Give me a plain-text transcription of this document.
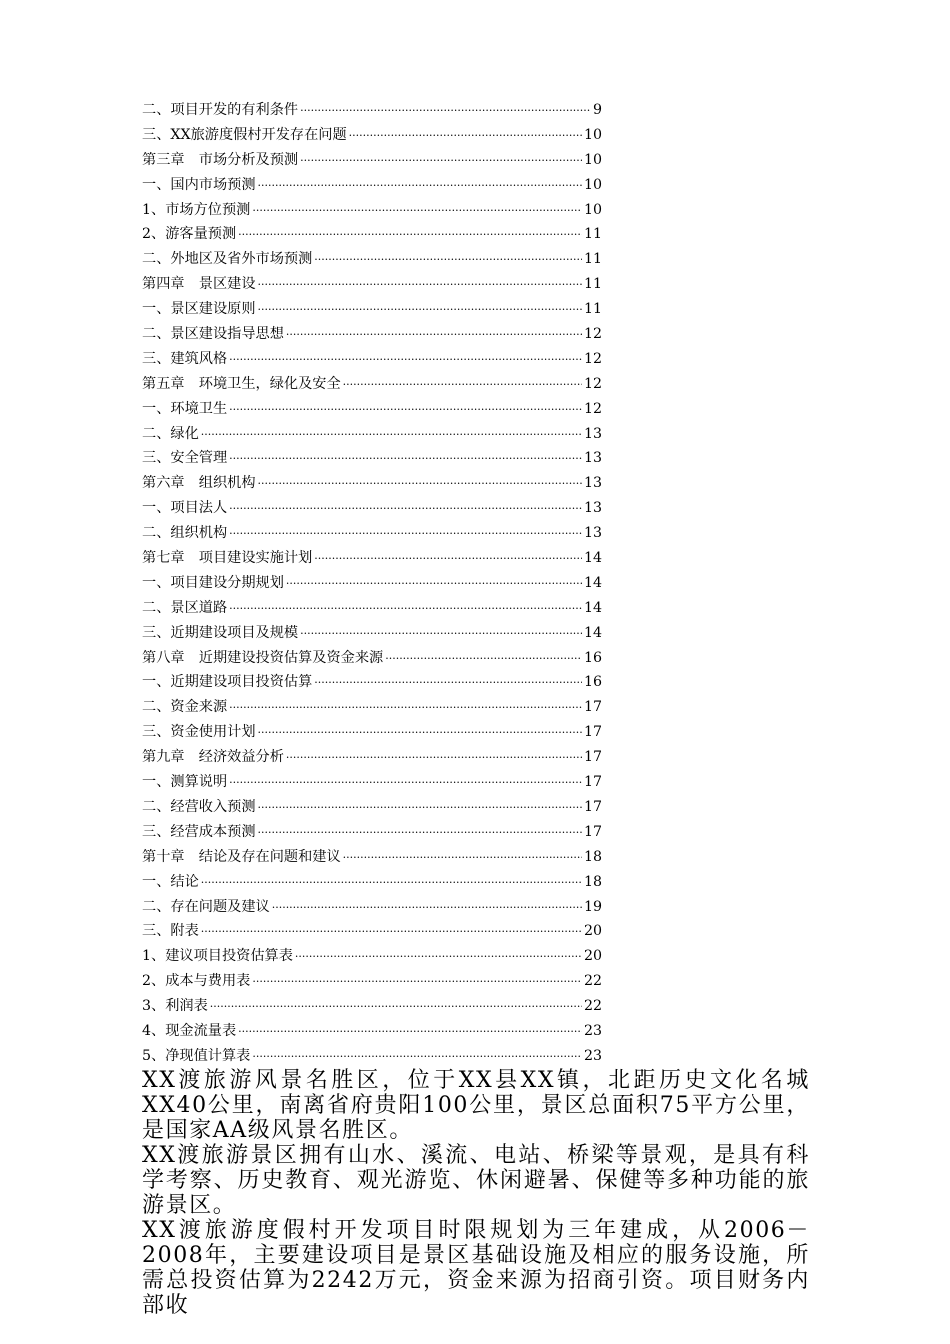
二、项目开发的有利条件 ·····	9
三、XX旅游度假村开发存在问题 ·····	10
第三章　市场分析及预测 ·····	10
一、国内市场预测 ·····	10
1、市场方位预测 ·····	10
2、游客量预测 ·····	11
二、外地区及省外市场预测 ·····	11
第四章　景区建设 ·····	11
一、景区建设原则 ·····	11
二、景区建设指导思想 ·····	12
三、建筑风格 ·····	12
第五章　环境卫生，绿化及安全 ·····	12
一、环境卫生 ·····	12
二、绿化 ·····	13
三、安全管理 ·····	13
第六章　组织机构 ·····	13
一、项目法人 ·····	13
二、组织机构 ·····	13
第七章　项目建设实施计划 ·····	14
一、项目建设分期规划 ·····	14
二、景区道路 ·····	14
三、近期建设项目及规模 ·····	14
第八章　近期建设投资估算及资金来源 ·····	16
一、近期建设项目投资估算 ·····	16
二、资金来源 ·····	17
三、资金使用计划 ·····	17
第九章　经济效益分析 ·····	17
一、测算说明 ·····	17
二、经营收入预测 ·····	17
三、经营成本预测 ·····	17
第十章　结论及存在问题和建议 ·····	18
一、结论 ·····	18
二、存在问题及建议 ·····	19
三、附表 ·····	20
1、建议项目投资估算表 ·····	20
2、成本与费用表 ·····	22
3、利润表 ·····	22
4、现金流量表 ·····	23
5、净现值计算表 ·····	23

XX渡旅游风景名胜区，位于XX县XX镇，北距历史文化名城XX40公里，南离省府贵阳100公里，景区总面积75平方公里，是国家AA级风景名胜区。

XX渡旅游景区拥有山水、溪流、电站、桥梁等景观，是具有科学考察、历史教育、观光游览、休闲避暑、保健等多种功能的旅游景区。

XX渡旅游度假村开发项目时限规划为三年建成，从2006－2008年，主要建设项目是景区基础设施及相应的服务设施，所需总投资估算为2242万元，资金来源为招商引资。项目财务内部收
